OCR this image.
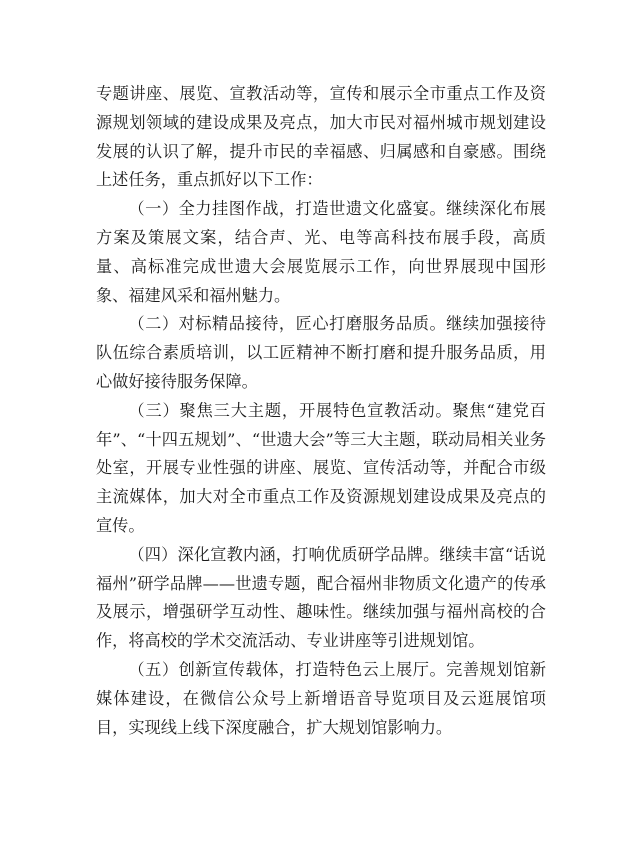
专题讲座、展览、宣教活动等，宣传和展示全市重点工作及资源规划领域的建设成果及亮点，加大市民对福州城市规划建设发展的认识了解，提升市民的幸福感、归属感和自豪感。围绕上述任务，重点抓好以下工作：

（一）全力挂图作战，打造世遗文化盛宴。继续深化布展方案及策展文案，结合声、光、电等高科技布展手段，高质量、高标准完成世遗大会展览展示工作，向世界展现中国形象、福建风采和福州魅力。

（二）对标精品接待，匠心打磨服务品质。继续加强接待队伍综合素质培训，以工匠精神不断打磨和提升服务品质，用心做好接待服务保障。

（三）聚焦三大主题，开展特色宣教活动。聚焦“建党百年”、“十四五规划”、“世遗大会”等三大主题，联动局相关业务处室，开展专业性强的讲座、展览、宣传活动等，并配合市级主流媒体，加大对全市重点工作及资源规划建设成果及亮点的宣传。

（四）深化宣教内涵，打响优质研学品牌。继续丰富“话说福州”研学品牌——世遗专题，配合福州非物质文化遗产的传承及展示，增强研学互动性、趣味性。继续加强与福州高校的合作，将高校的学术交流活动、专业讲座等引进规划馆。

（五）创新宣传载体，打造特色云上展厅。完善规划馆新媒体建设，在微信公众号上新增语音导览项目及云逛展馆项目，实现线上线下深度融合，扩大规划馆影响力。
